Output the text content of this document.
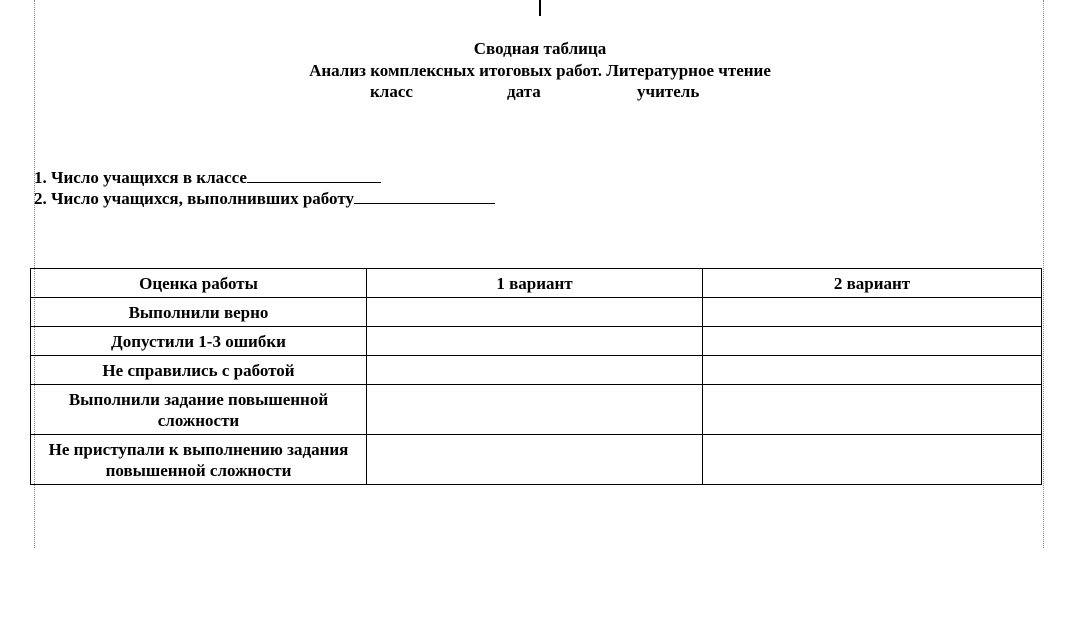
Сводная таблица
Анализ комплексных итоговых работ. Литературное чтение
класс	дата	учитель
1. Число учащихся в классе
2. Число учащихся, выполнивших работу
Оценка работы	1 вариант	2 вариант
Выполнили верно		
Допустили 1-3 ошибки		
Не справились с работой		
Выполнили задание повышенной сложности		
Не приступали к выполнению задания повышенной сложности		
